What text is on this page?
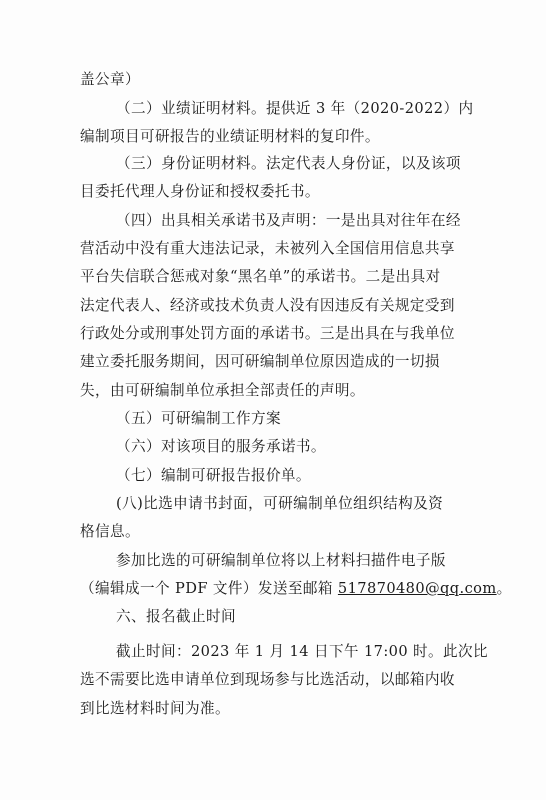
盖公章）
（二）业绩证明材料。提供近 3 年（2020-2022）内
编制项目可研报告的业绩证明材料的复印件。
（三）身份证明材料。法定代表人身份证，以及该项
目委托代理人身份证和授权委托书。
（四）出具相关承诺书及声明：一是出具对往年在经
营活动中没有重大违法记录，未被列入全国信用信息共享
平台失信联合惩戒对象“黑名单”的承诺书。二是出具对
法定代表人、经济或技术负责人没有因违反有关规定受到
行政处分或刑事处罚方面的承诺书。三是出具在与我单位
建立委托服务期间，因可研编制单位原因造成的一切损
失，由可研编制单位承担全部责任的声明。
（五）可研编制工作方案
（六）对该项目的服务承诺书。
（七）编制可研报告报价单。
(八)比选申请书封面，可研编制单位组织结构及资
格信息。
参加比选的可研编制单位将以上材料扫描件电子版
（编辑成一个 PDF 文件）发送至邮箱 517870480@qq.com。
六、报名截止时间
截止时间：2023 年 1 月 14 日下午 17:00 时。此次比
选不需要比选申请单位到现场参与比选活动，以邮箱内收
到比选材料时间为准。
